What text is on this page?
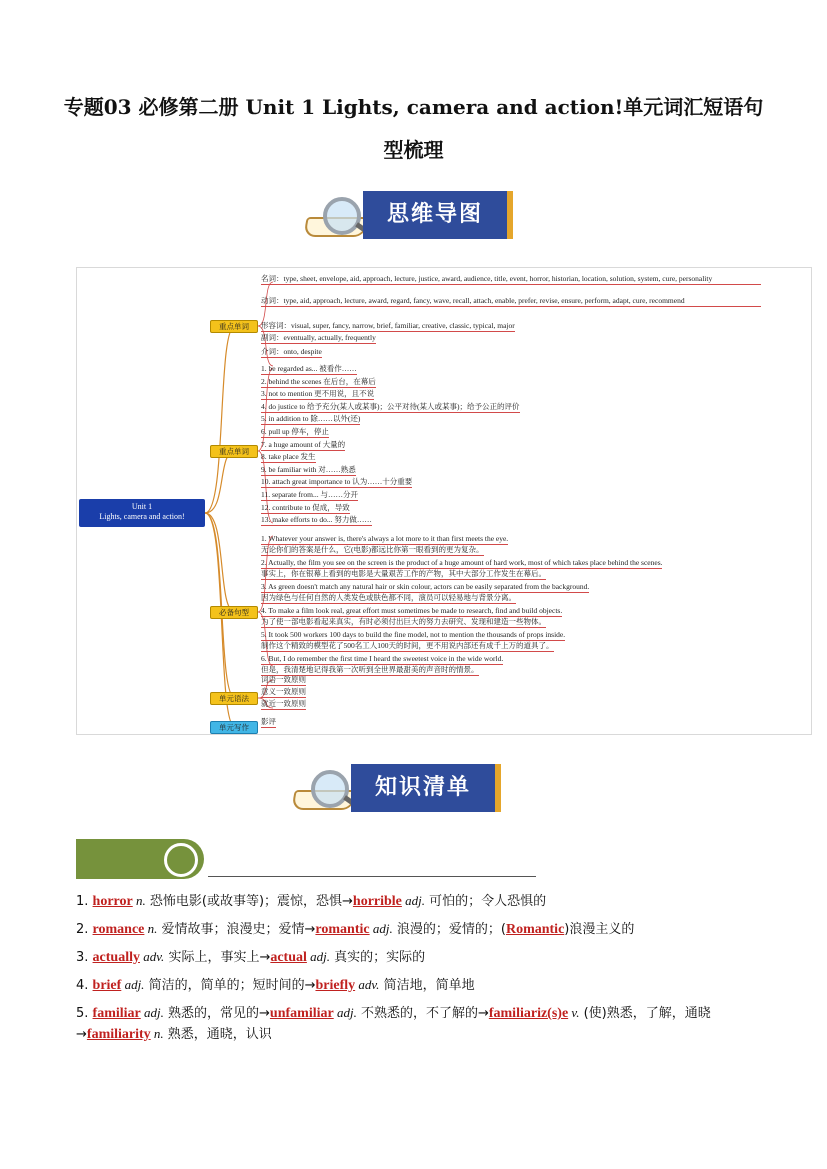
专题03 必修第二册 Unit 1 Lights, camera and action!单元词汇短语句
型梳理
思维导图
Unit 1
Lights, camera and action!
重点单词
重点单词
必备句型
单元语法
单元写作
名词：type, sheet, envelope, aid, approach, lecture, justice, award, audience, title, event, horror, historian, location, solution, system, cure, personality
动词：type, aid, approach, lecture, award, regard, fancy, wave, recall, attach, enable, prefer, revise, ensure, perform, adapt, cure, recommend
形容词：visual, super, fancy, narrow, brief, familiar, creative, classic, typical, major
副词：eventually, actually, frequently
介词：onto, despite
1. be regarded as... 被看作……
2. behind the scenes 在后台，在幕后
3. not to mention 更不用说，且不说
4. do justice to 给予充分(某人或某事)；公平对待(某人或某事)；给予公正的评价
5. in addition to 除……以外(还)
6. pull up 停车，停止
7. a huge amount of 大量的
8. take place 发生
9. be familiar with 对……熟悉
10. attach great importance to 认为……十分重要
11. separate from... 与……分开
12. contribute to 促成，导致
13. make efforts to do... 努力做……
1. Whatever your answer is, there's always a lot more to it than first meets the eye.
无论你们的答案是什么，它(电影)都远比你第一眼看到的更为复杂。
2. Actually, the film you see on the screen is the product of a huge amount of hard work, most of which takes place behind the scenes.
事实上，你在银幕上看到的电影是大量艰苦工作的产物，其中大部分工作发生在幕后。
3. As green doesn't match any natural hair or skin colour, actors can be easily separated from the background.
因为绿色与任何自然的人类发色或肤色都不同，演员可以轻易地与背景分离。
4. To make a film look real, great effort must sometimes be made to research, find and build objects.
为了使一部电影看起来真实，有时必须付出巨大的努力去研究、发现和建造一些物体。
5. It took 500 workers 100 days to build the fine model, not to mention the thousands of props inside.
制作这个精致的模型花了500名工人100天的时间，更不用说内部还有成千上万的道具了。
6. But, I do remember the first time I heard the sweetest voice in the wide world.
但是，我清楚地记得我第一次听到全世界最甜美的声音时的情景。
词语一致原则
意义一致原则
就近一致原则
影评
知识清单
1. horror n. 恐怖电影(或故事等)；震惊，恐惧→horrible adj. 可怕的；令人恐惧的
2. romance n. 爱情故事；浪漫史；爱情→romantic adj. 浪漫的；爱情的；(Romantic)浪漫主义的
3. actually adv. 实际上，事实上→actual adj. 真实的；实际的
4. brief adj. 简洁的，简单的；短时间的→briefly adv. 简洁地，简单地
5. familiar adj. 熟悉的，常见的→unfamiliar adj. 不熟悉的，不了解的→familiariz(s)e v. (使)熟悉，了解，通晓→familiarity n. 熟悉，通晓，认识
